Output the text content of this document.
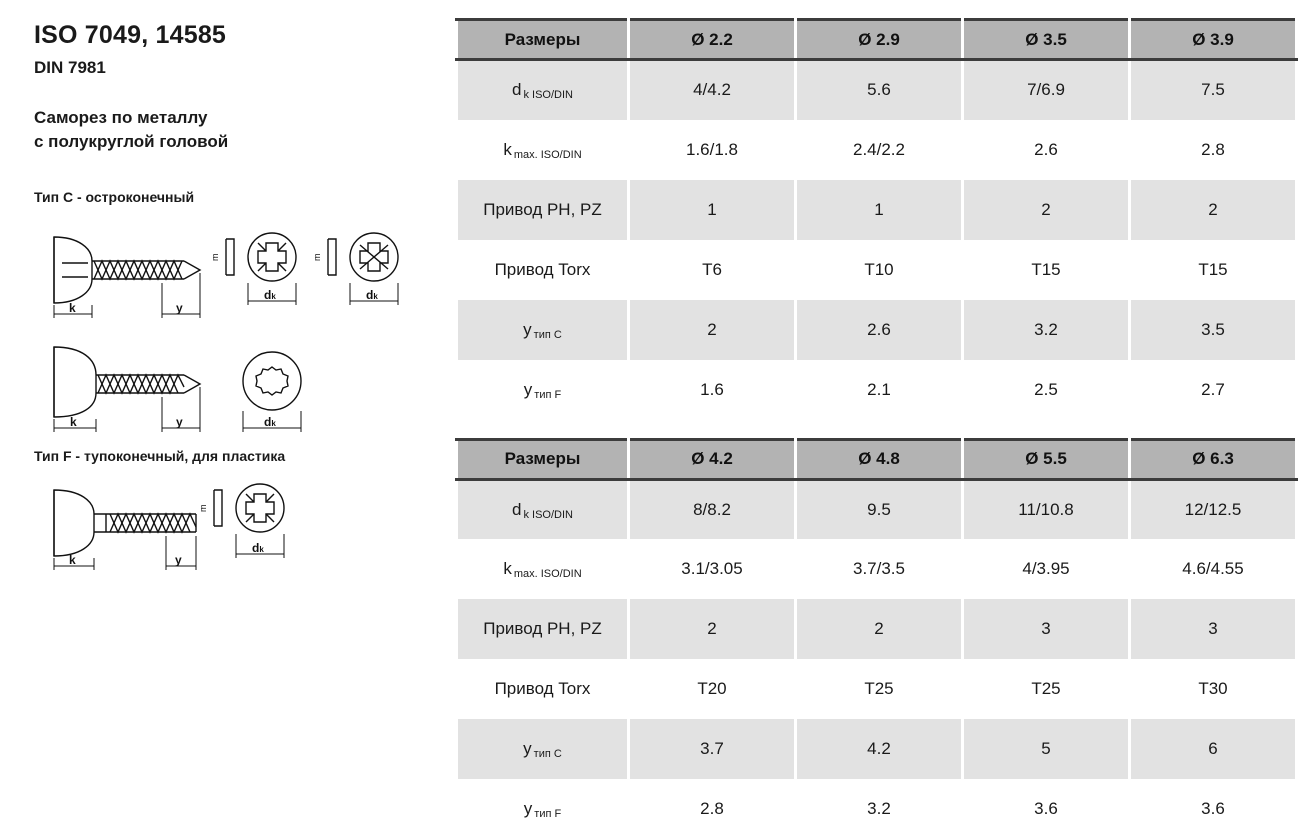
ISO 7049, 14585
DIN 7981
Саморез по металлу
с полукруглой головой
Тип C - остроконечный
k	y
dk
m
dk
m
k	y	dk
Тип F - тупоконечный, для пластика
k	y
dk
m
Размеры	Ø 2.2	Ø 2.9	Ø 3.5	Ø 3.9
d k ISO/DIN	4/4.2	5.6	7/6.9	7.5
k max. ISO/DIN	1.6/1.8	2.4/2.2	2.6	2.8
Привод PH, PZ	1	1	2	2
Привод Torx	T6	T10	T15	T15
y тип C	2	2.6	3.2	3.5
y тип F	1.6	2.1	2.5	2.7
Размеры	Ø 4.2	Ø 4.8	Ø 5.5	Ø 6.3
d k ISO/DIN	8/8.2	9.5	11/10.8	12/12.5
k max. ISO/DIN	3.1/3.05	3.7/3.5	4/3.95	4.6/4.55
Привод PH, PZ	2	2	3	3
Привод Torx	T20	T25	T25	T30
y тип C	3.7	4.2	5	6
y тип F	2.8	3.2	3.6	3.6
